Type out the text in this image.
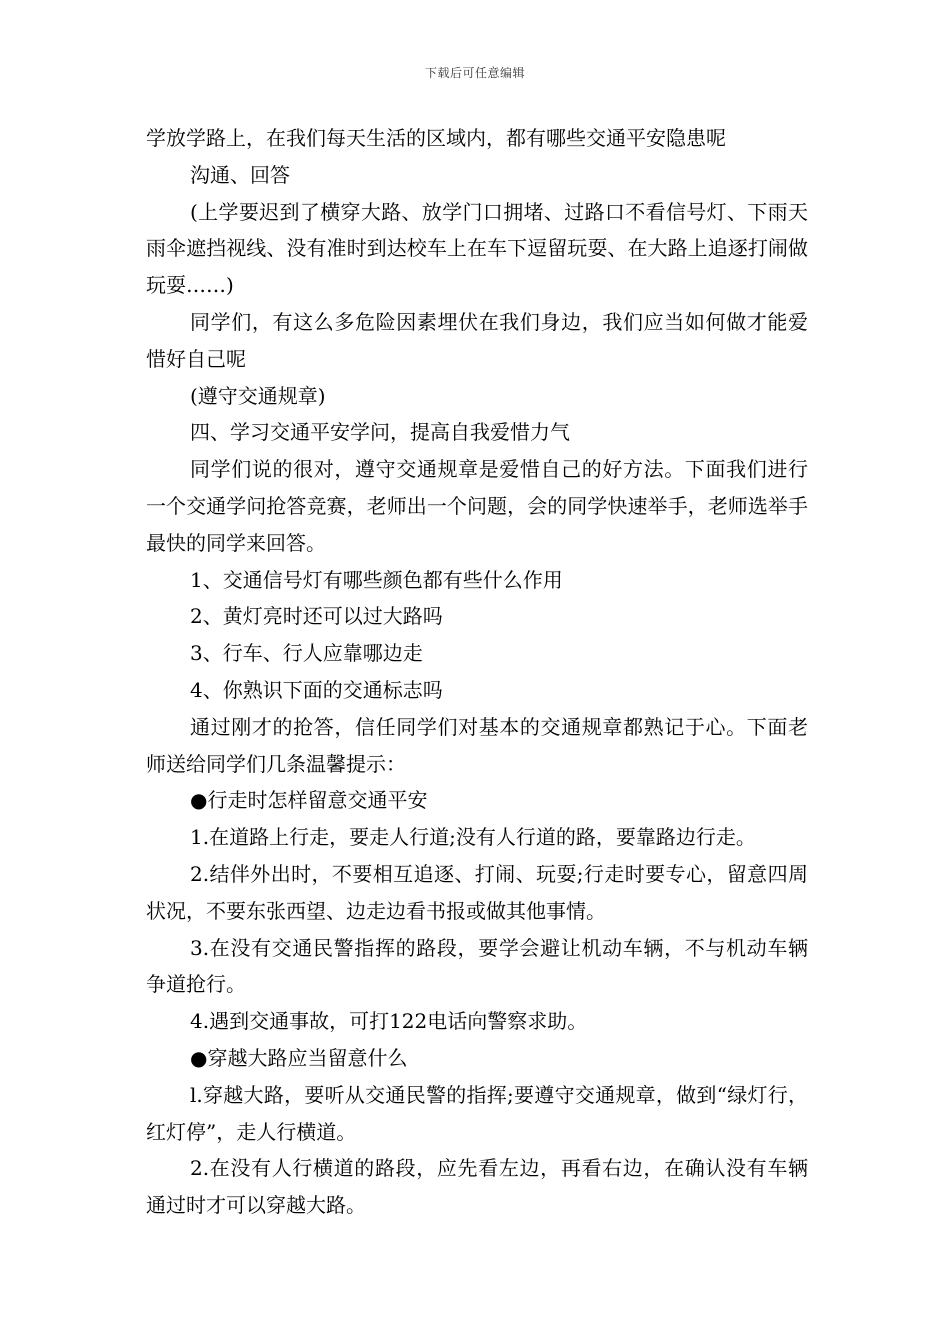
下载后可任意编辑

学放学路上，在我们每天生活的区域内，都有哪些交通平安隐患呢

沟通、回答

(上学要迟到了横穿大路、放学门口拥堵、过路口不看信号灯、下雨天雨伞遮挡视线、没有准时到达校车上在车下逗留玩耍、在大路上追逐打闹做玩耍……)

同学们，有这么多危险因素埋伏在我们身边，我们应当如何做才能爱惜好自己呢

(遵守交通规章)

四、学习交通平安学问，提高自我爱惜力气

同学们说的很对，遵守交通规章是爱惜自己的好方法。下面我们进行一个交通学问抢答竞赛，老师出一个问题，会的同学快速举手，老师选举手最快的同学来回答。

1、交通信号灯有哪些颜色都有些什么作用

2、黄灯亮时还可以过大路吗

3、行车、行人应靠哪边走

4、你熟识下面的交通标志吗

通过刚才的抢答，信任同学们对基本的交通规章都熟记于心。下面老师送给同学们几条温馨提示：

●行走时怎样留意交通平安

1.在道路上行走，要走人行道;没有人行道的路，要靠路边行走。

2.结伴外出时，不要相互追逐、打闹、玩耍;行走时要专心，留意四周状况，不要东张西望、边走边看书报或做其他事情。

3.在没有交通民警指挥的路段，要学会避让机动车辆，不与机动车辆争道抢行。

4.遇到交通事故，可打122电话向警察求助。

●穿越大路应当留意什么

l.穿越大路，要听从交通民警的指挥;要遵守交通规章，做到“绿灯行，红灯停”，走人行横道。

2.在没有人行横道的路段，应先看左边，再看右边，在确认没有车辆通过时才可以穿越大路。
